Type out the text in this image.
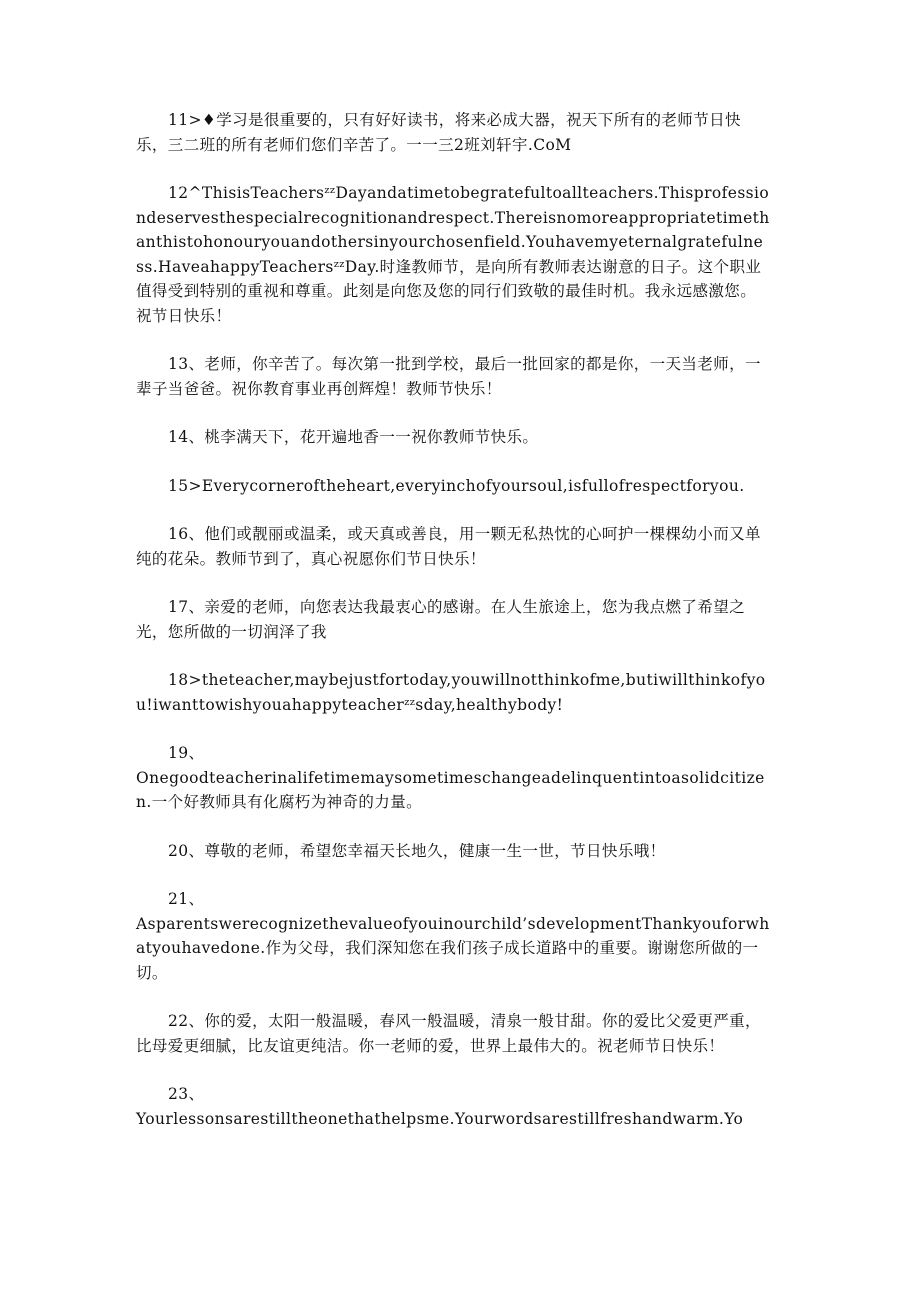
11>♦学习是很重要的，只有好好读书，将来必成大器，祝天下所有的老师节日快乐，三二班的所有老师们您们辛苦了。一一三2班刘轩宇.CoM

12^ThisisTeachersᶻᶻDayandatimetobegratefultoallteachers.Thisprofessiondeservesthespecialrecognitionandrespect.Thereisnomoreappropriatetimethanthistohonouryouandothersinyourchosenfield.Youhavemyeternalgratefulness.HaveahappyTeachersᶻᶻDay.时逢教师节，是向所有教师表达谢意的日子。这个职业值得受到特别的重视和尊重。此刻是向您及您的同行们致敬的最佳时机。我永远感激您。祝节日快乐！

13、老师，你辛苦了。每次第一批到学校，最后一批回家的都是你，一天当老师，一辈子当爸爸。祝你教育事业再创辉煌！教师节快乐！

14、桃李满天下，花开遍地香一一祝你教师节快乐。

15>Everycorneroftheheart,everyinchofyoursoul,isfullofrespectforyou.

16、他们或靓丽或温柔，或天真或善良，用一颗无私热忱的心呵护一棵棵幼小而又单纯的花朵。教师节到了，真心祝愿你们节日快乐！

17、亲爱的老师，向您表达我最衷心的感谢。在人生旅途上，您为我点燃了希望之光，您所做的一切润泽了我

18>theteacher,maybejustfortoday,youwillnotthinkofme,butiwillthinkofyou!iwanttowishyouahappyteacherᶻᶻsday,healthybody!

19、
Onegoodteacherinalifetimemaysometimeschangeadelinquentintoasolidcitizen.一个好教师具有化腐朽为神奇的力量。

20、尊敬的老师，希望您幸福天长地久，健康一生一世，节日快乐哦！

21、
Asparentswerecognizethevalueofyouinourchild’sdevelopmentThankyouforwhatyouhavedone.作为父母，我们深知您在我们孩子成长道路中的重要。谢谢您所做的一切。

22、你的爱，太阳一般温暖，春风一般温暖，清泉一般甘甜。你的爱比父爱更严重，比母爱更细腻，比友谊更纯洁。你一老师的爱，世界上最伟大的。祝老师节日快乐！

23、
Yourlessonsarestilltheonethathelpsme.Yourwordsarestillfreshandwarm.Yo
